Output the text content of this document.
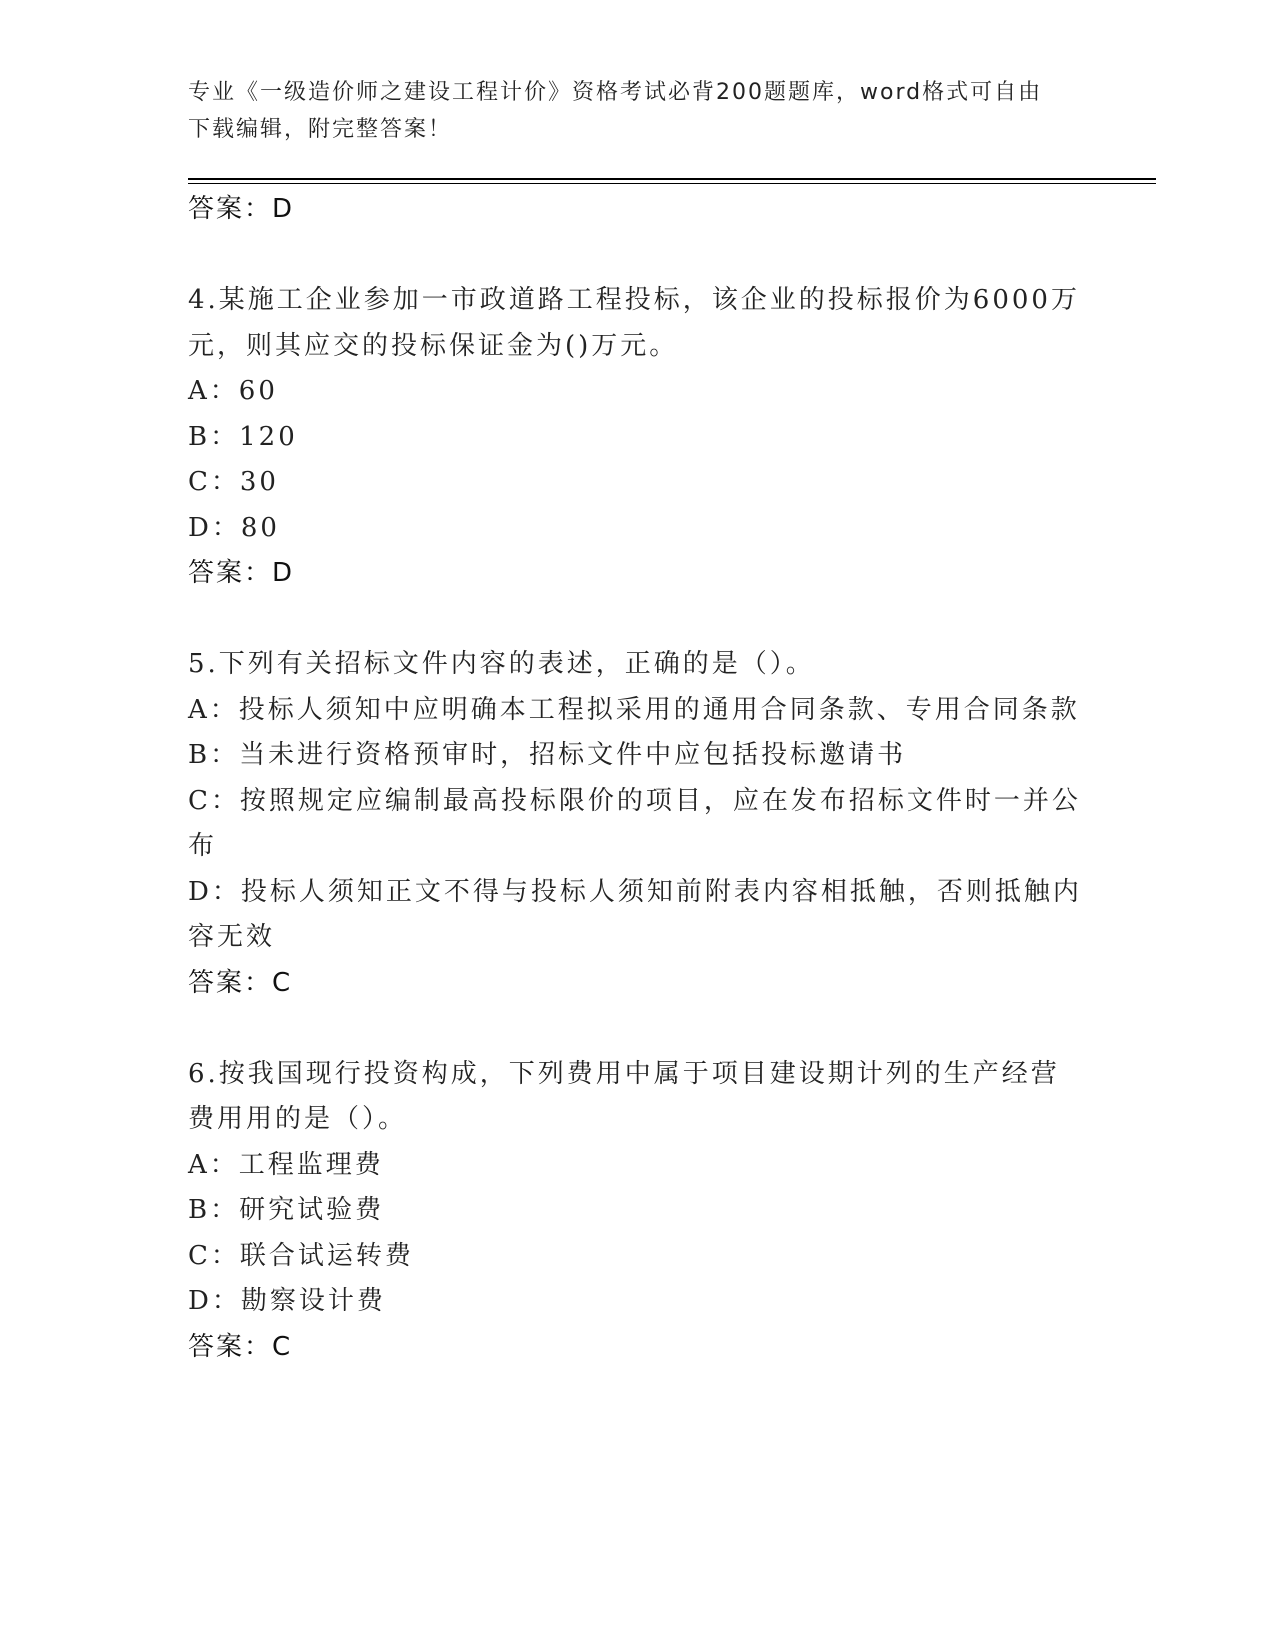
专业《一级造价师之建设工程计价》资格考试必背200题题库，word格式可自由
下载编辑，附完整答案！
答案：D
4.某施工企业参加一市政道路工程投标，该企业的投标报价为6000万
元，则其应交的投标保证金为()万元。
A：60
B：120
C：30
D：80
答案：D
5.下列有关招标文件内容的表述，正确的是（）。
A：投标人须知中应明确本工程拟采用的通用合同条款、专用合同条款
B：当未进行资格预审时，招标文件中应包括投标邀请书
C：按照规定应编制最高投标限价的项目，应在发布招标文件时一并公
布
D：投标人须知正文不得与投标人须知前附表内容相抵触，否则抵触内
容无效
答案：C
6.按我国现行投资构成，下列费用中属于项目建设期计列的生产经营
费用用的是（）。
A：工程监理费
B：研究试验费
C：联合试运转费
D：勘察设计费
答案：C
